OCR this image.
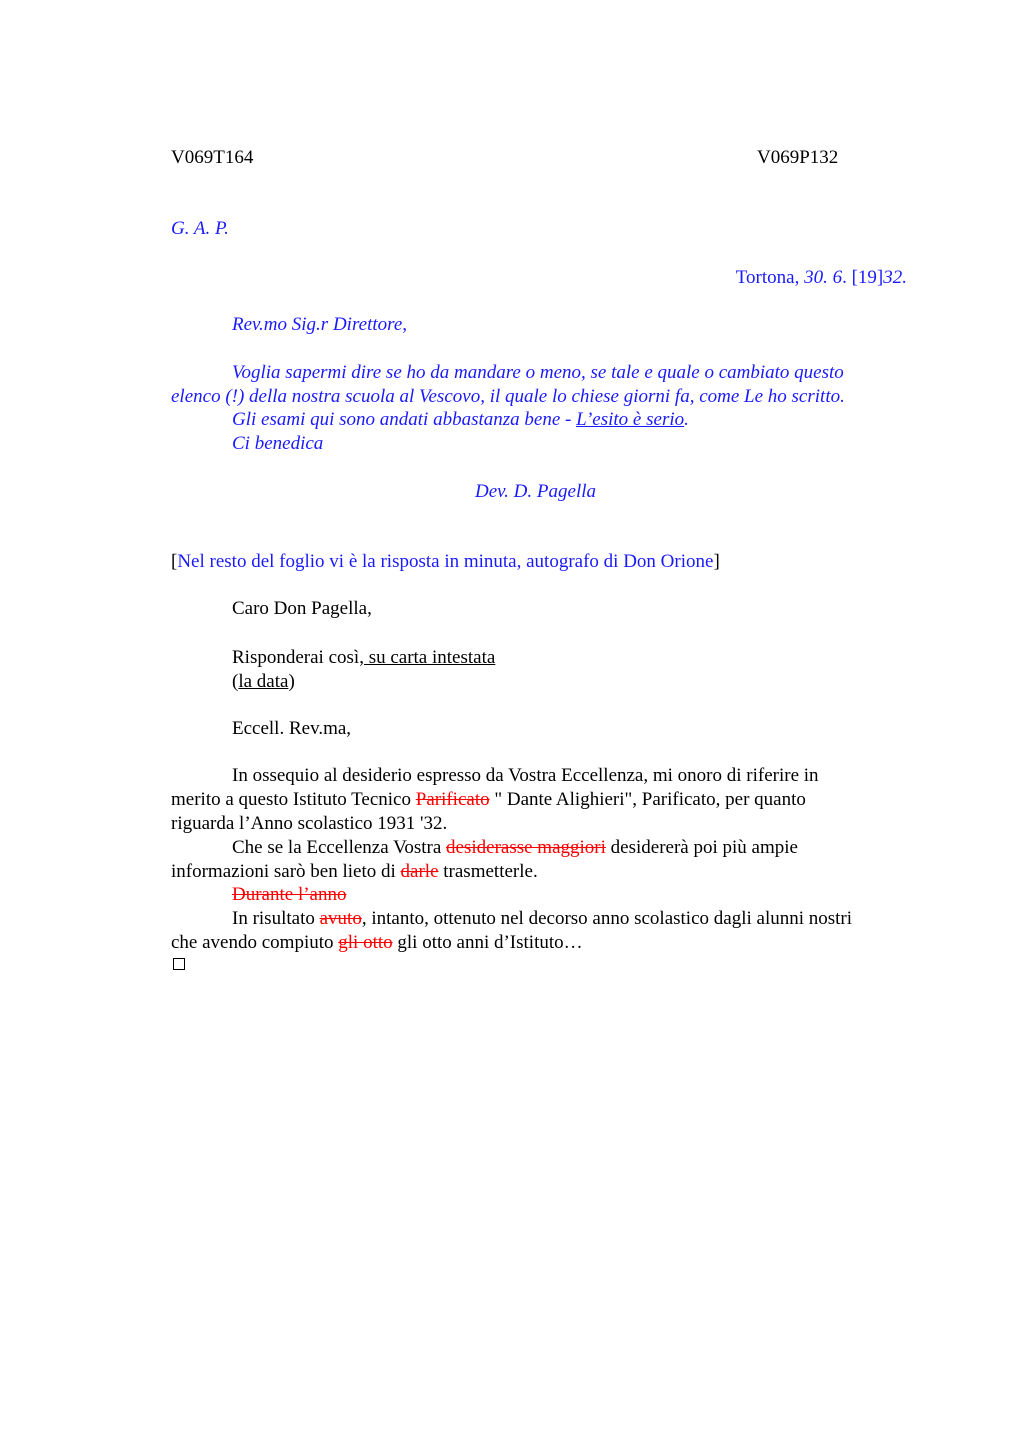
V069T164	V069P132
G. A. P.
Tortona, 30. 6. [19]32.
Rev.mo Sig.r Direttore,
Voglia sapermi dire se ho da mandare o meno, se tale e quale o cambiato questo
elenco (!) della nostra scuola al Vescovo, il quale lo chiese giorni fa, come Le ho scritto.
Gli esami qui sono andati abbastanza bene - L’esito è serio.
Ci benedica
Dev. D. Pagella
[Nel resto del foglio vi è la risposta in minuta, autografo di Don Orione]
Caro Don Pagella,
Risponderai così, su carta intestata
(la data)
Eccell. Rev.ma,
In ossequio al desiderio espresso da Vostra Eccellenza, mi onoro di riferire in
merito a questo Istituto Tecnico Parificato " Dante Alighieri", Parificato, per quanto
riguarda l’Anno scolastico 1931 '32.
Che se la Eccellenza Vostra desiderasse maggiori desidererà poi più ampie
informazioni sarò ben lieto di darle trasmetterle.
Durante l’anno
In risultato avuto, intanto, ottenuto nel decorso anno scolastico dagli alunni nostri
che avendo compiuto gli otto gli otto anni d’Istituto…
